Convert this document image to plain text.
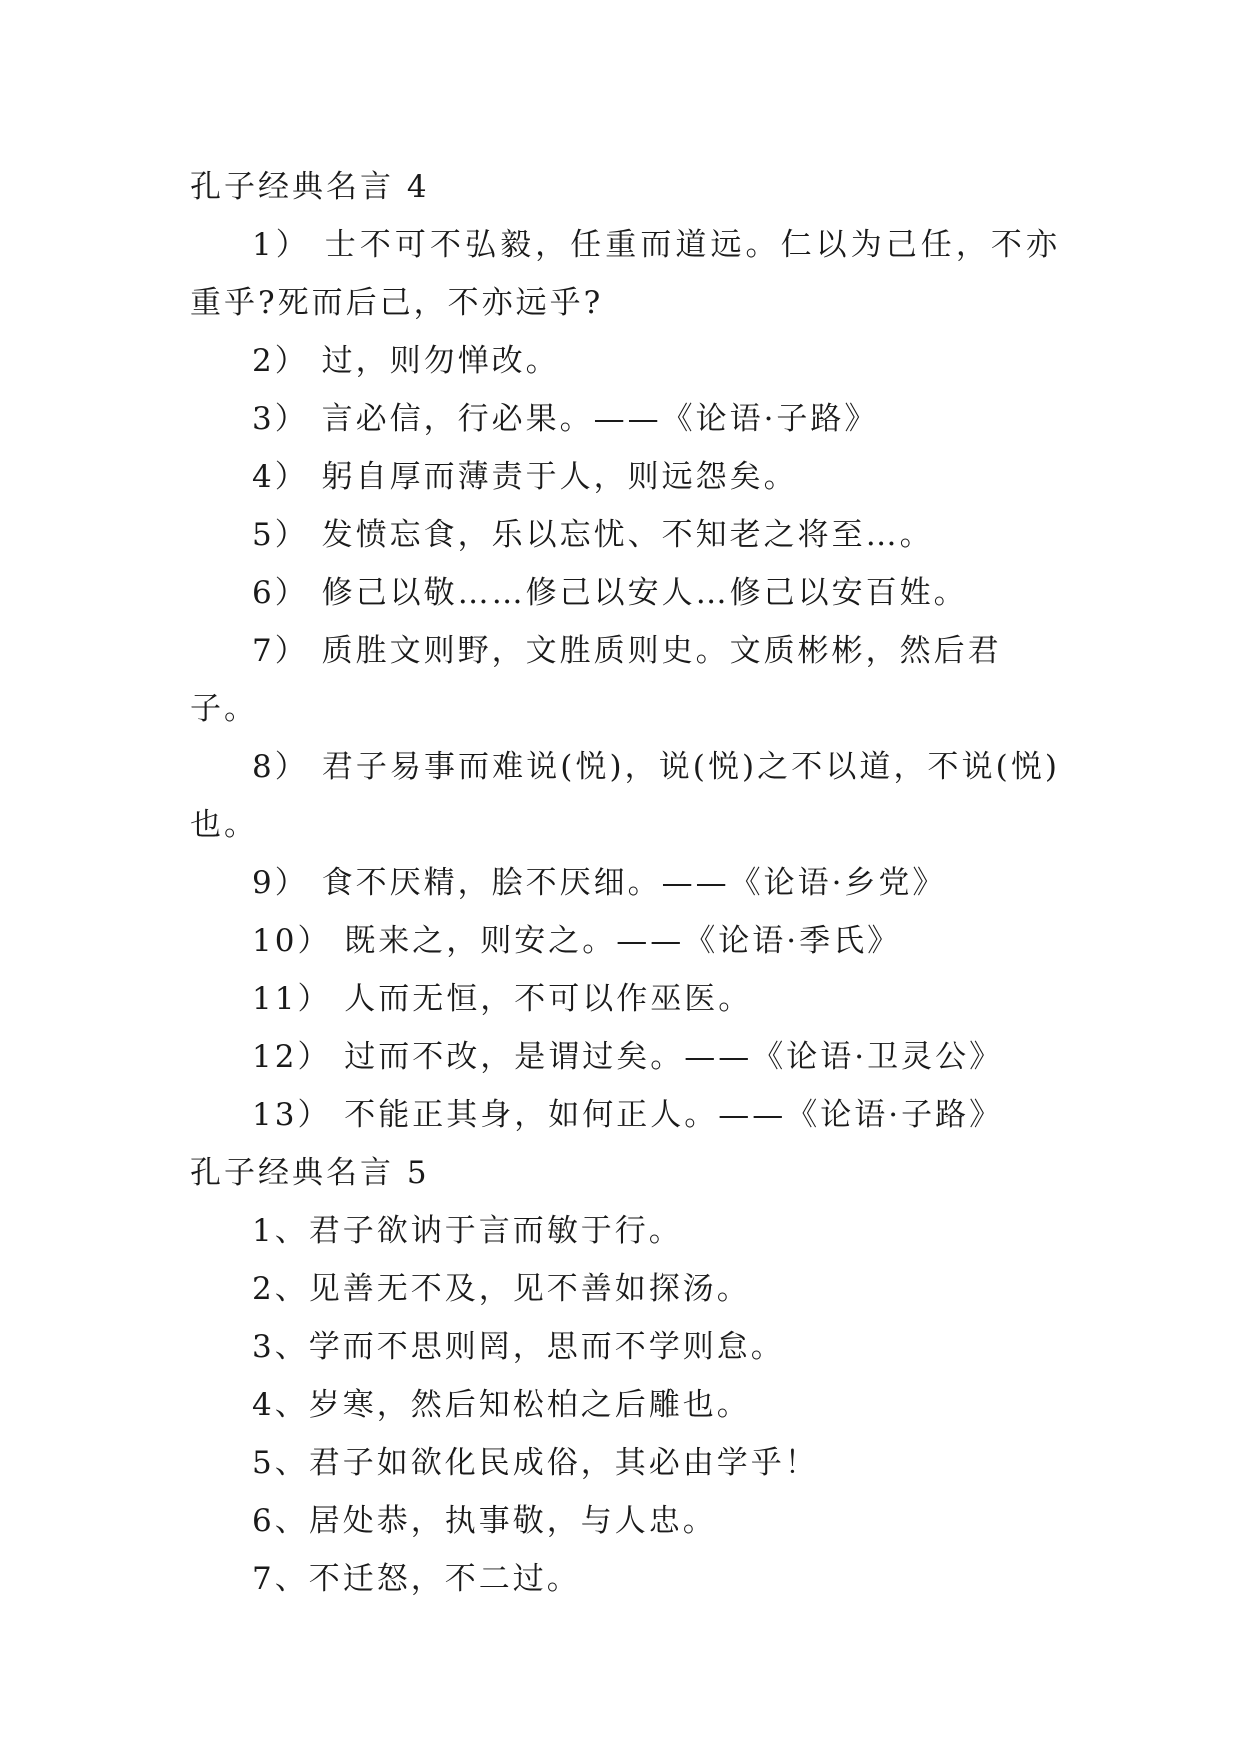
孔子经典名言 4

1） 士不可不弘毅，任重而道远。仁以为己任，不亦重乎?死而后己，不亦远乎?

2） 过，则勿惮改。

3） 言必信，行必果。——《论语·子路》

4） 躬自厚而薄责于人，则远怨矣。

5） 发愤忘食，乐以忘忧、不知老之将至…。

6） 修己以敬……修己以安人…修己以安百姓。

7） 质胜文则野，文胜质则史。文质彬彬，然后君子。

8） 君子易事而难说(悦)，说(悦)之不以道，不说(悦)也。

9） 食不厌精，脍不厌细。——《论语·乡党》

10） 既来之，则安之。——《论语·季氏》

11） 人而无恒，不可以作巫医。

12） 过而不改，是谓过矣。——《论语·卫灵公》

13） 不能正其身，如何正人。——《论语·子路》

孔子经典名言 5

1、君子欲讷于言而敏于行。

2、见善无不及，见不善如探汤。

3、学而不思则罔，思而不学则怠。

4、岁寒，然后知松柏之后雕也。

5、君子如欲化民成俗，其必由学乎！

6、居处恭，执事敬，与人忠。

7、不迁怒，不二过。
